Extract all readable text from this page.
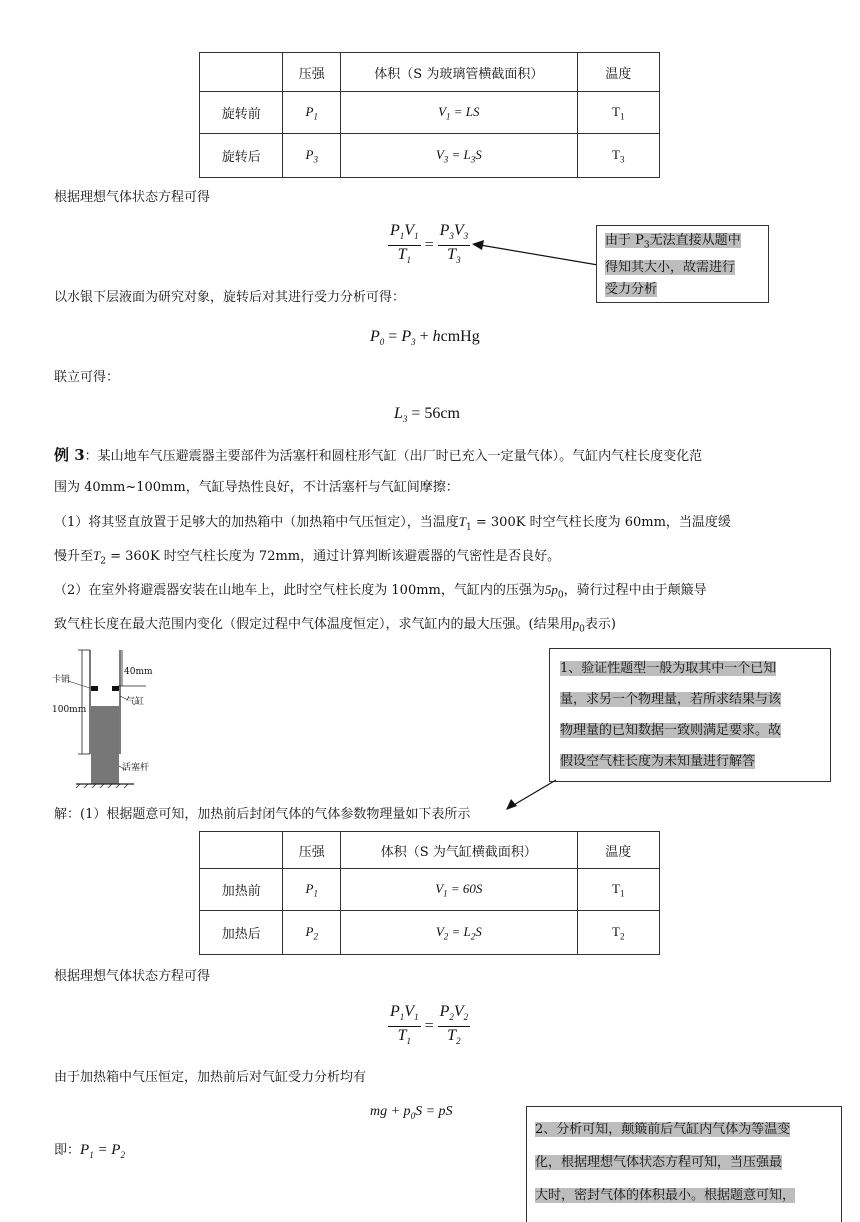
	压强	体积（S 为玻璃管横截面积）	温度
旋转前	$P_1$	$V_1$ = LS	$T_1$
旋转后	$P_3$	$V_3 = L_3S$	$T_3$
根据理想气体状态方程可得
$\frac{P_1V_1}{T_1} = \frac{P_3V_3}{T_3}$	由于 $P_3$无法直接从题中
得知其大小，故需进行
受力分析
以水银下层液面为研究对象，旋转后对其进行受力分析可得：
$P_0 = P_3$ + hcmHg
联立可得：
$L_3 = 56cm$
例 3：某山地车气压避震器主要部件为活塞杆和圆柱形气缸（出厂时已充入一定量气体）。气缸内气柱长度变化范
围为 40mm~100mm，气缸导热性良好，不计活塞杆与气缸间摩擦：
（1）将其竖直放置于足够大的加热箱中（加热箱中气压恒定），当温度$T_1 = 300K$ 时空气柱长度为 60mm，当温度缓
慢升至$T_2 = 360K$ 时空气柱长度为 72mm，通过计算判断该避震器的气密性是否良好。
（2）在室外将避震器安装在山地车上，此时空气柱长度为 100mm，气缸内的压强为$5p_0$，骑行过程中由于颠簸导
致气柱长度在最大范围内变化（假定过程中气体温度恒定），求气缸内的最大压强。(结果用$p_0$表示)
40mm
卡销
气缸
100mm
活塞杆
1、验证性题型一般为取其中一个已知
量，求另一个物理量，若所求结果与该
物理量的已知数据一致则满足要求。故
假设空气柱长度为未知量进行解答
解：(1）根据题意可知，加热前后封闭气体的气体参数物理量如下表所示
	压强	体积（S 为气缸横截面积）	温度
加热前	$P_1$	$V_1 = 60S$	$T_1$
加热后	$P_2$	$V_2 = L_2S$	$T_2$
根据理想气体状态方程可得
$\frac{P_1V_1}{T_1} = \frac{P_2V_2}{T_2}$
由于加热箱中气压恒定，加热前后对气缸受力分析均有
mg + $p_0S$ = pS
即：$P_1 = P_2$
2、分析可知，颠簸前后气缸内气体为等温变
化，根据理想气体状态方程可知，当压强最
大时，密封气体的体积最小。根据题意可知，
